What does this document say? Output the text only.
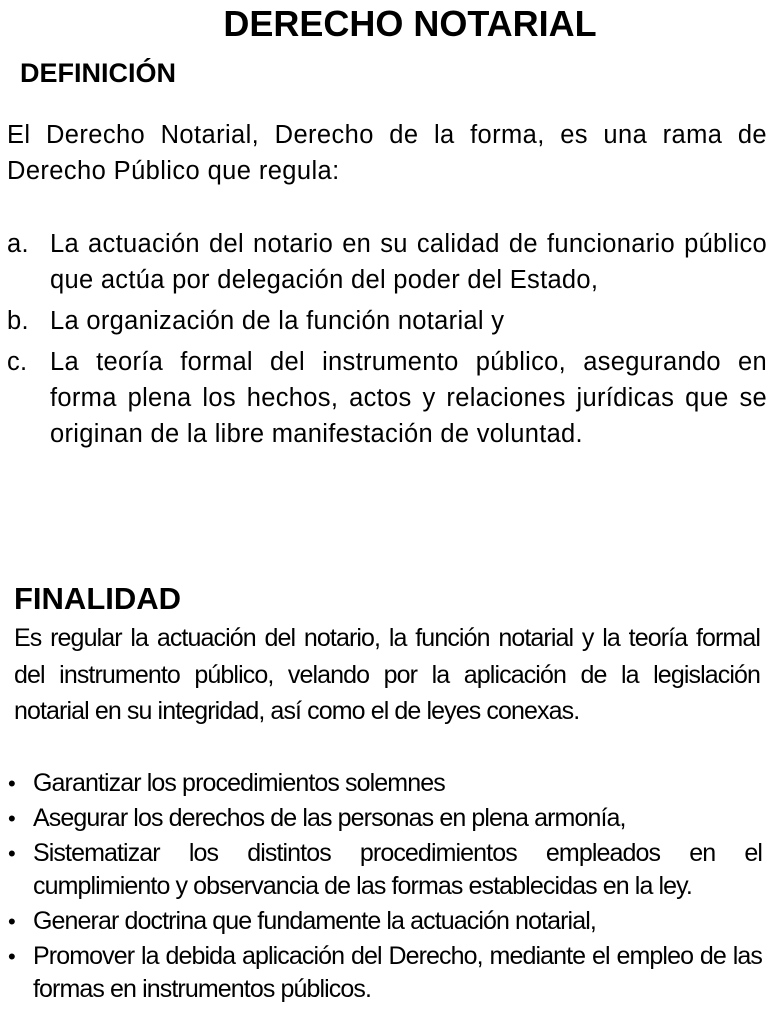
DERECHO NOTARIAL
DEFINICIÓN

El Derecho Notarial, Derecho de la forma, es una rama de Derecho Público que regula:

a. La actuación del notario en su calidad de funcionario público que actúa por delegación del poder del Estado,
b. La organización de la función notarial y
c. La teoría formal del instrumento público, asegurando en forma plena los hechos, actos y relaciones jurídicas que se originan de la libre manifestación de voluntad.
FINALIDAD

Es regular la actuación del notario, la función notarial y la teoría formal del instrumento público, velando por la aplicación de la legislación notarial en su integridad, así como el de leyes conexas.

• Garantizar los procedimientos solemnes
• Asegurar los derechos de las personas en plena armonía,
• Sistematizar los distintos procedimientos empleados en el cumplimiento y observancia de las formas establecidas en la ley.
• Generar doctrina que fundamente la actuación notarial,
• Promover la debida aplicación del Derecho, mediante el empleo de las formas en instrumentos públicos.
